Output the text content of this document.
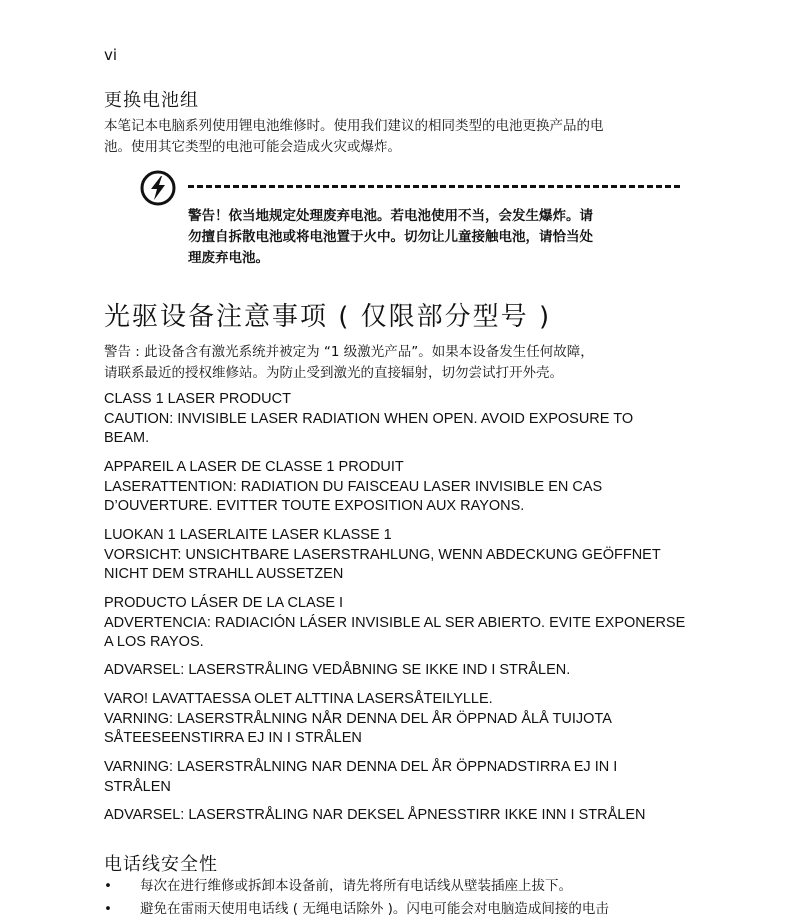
vi
更换电池组
本笔记本电脑系列使用锂电池维修时。使用我们建议的相同类型的电池更换产品的电
池。使用其它类型的电池可能会造成火灾或爆炸。
警告！依当地规定处理废弃电池。若电池使用不当，会发生爆炸。请
勿擅自拆散电池或将电池置于火中。切勿让儿童接触电池，请恰当处
理废弃电池。
光驱设备注意事项 ( 仅限部分型号 )
警告 : 此设备含有激光系统并被定为 “1 级激光产品”。如果本设备发生任何故障，
请联系最近的授权维修站。为防止受到激光的直接辐射，切勿尝试打开外壳。
CLASS 1 LASER PRODUCT
CAUTION: INVISIBLE LASER RADIATION WHEN OPEN. AVOID EXPOSURE TO
BEAM.
APPAREIL A LASER DE CLASSE 1 PRODUIT
LASERATTENTION: RADIATION DU FAISCEAU LASER INVISIBLE EN CAS
D’OUVERTURE. EVITTER TOUTE EXPOSITION AUX RAYONS.
LUOKAN 1 LASERLAITE LASER KLASSE 1
VORSICHT: UNSICHTBARE LASERSTRAHLUNG, WENN ABDECKUNG GEÖFFNET
NICHT DEM STRAHLL AUSSETZEN
PRODUCTO LÁSER DE LA CLASE I
ADVERTENCIA: RADIACIÓN LÁSER INVISIBLE AL SER ABIERTO. EVITE EXPONERSE
A LOS RAYOS.
ADVARSEL: LASERSTRÅLING VEDÅBNING SE IKKE IND I STRÅLEN.
VARO! LAVATTAESSA OLET ALTTINA LASERSÅTEILYLLE.
VARNING: LASERSTRÅLNING NÅR DENNA DEL ÅR ÖPPNAD ÅLÅ TUIJOTA
SÅTEESEENSTIRRA EJ IN I STRÅLEN
VARNING: LASERSTRÅLNING NAR DENNA DEL ÅR ÖPPNADSTIRRA EJ IN I
STRÅLEN
ADVARSEL: LASERSTRÅLING NAR DEKSEL ÅPNESSTIRR IKKE INN I STRÅLEN
电话线安全性
• 每次在进行维修或拆卸本设备前，请先将所有电话线从壁装插座上拔下。
• 避免在雷雨天使用电话线 ( 无绳电话除外 )。闪电可能会对电脑造成间接的电击
